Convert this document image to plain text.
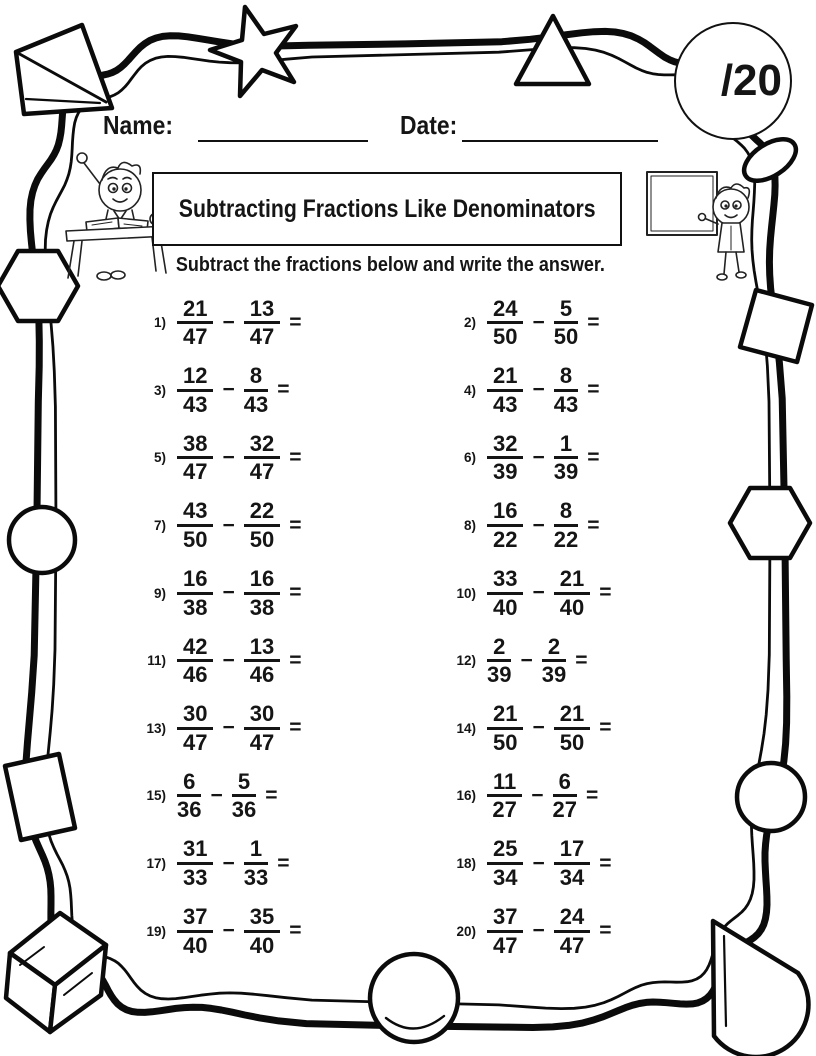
/20
Name:	Date:
Subtracting Fractions Like Denominators
Subtract the fractions below and write the answer.
$1) \frac{21}{47} - \frac{13}{47}$ =	$2) \frac{24}{50} - \frac{5}{50}$ =
$3) \frac{12}{43} - \frac{8}{43}$ =	$4) \frac{21}{43} - \frac{8}{43}$ =
$5) \frac{38}{47} - \frac{32}{47}$ =	$6) \frac{32}{39} - \frac{1}{39}$ =
$7) \frac{43}{50} - \frac{22}{50}$ =	$8) \frac{16}{22} - \frac{8}{22}$ =
$9) \frac{16}{38} - \frac{16}{38}$ =	$10) \frac{33}{40} - \frac{21}{40}$ =
$11) \frac{42}{46} - \frac{13}{46}$ =	$12) \frac{2}{39} - \frac{2}{39}$ =
$13) \frac{30}{47} - \frac{30}{47}$ =	$14) \frac{21}{50} - \frac{21}{50}$ =
$15) \frac{6}{36} - \frac{5}{36}$ =	$16) \frac{11}{27} - \frac{6}{27}$ =
$17) \frac{31}{33} - \frac{1}{33}$ =	$18) \frac{25}{34} - \frac{17}{34}$ =
$19) \frac{37}{40} - \frac{35}{40}$ =	$20) \frac{37}{47} - \frac{24}{47}$ =
